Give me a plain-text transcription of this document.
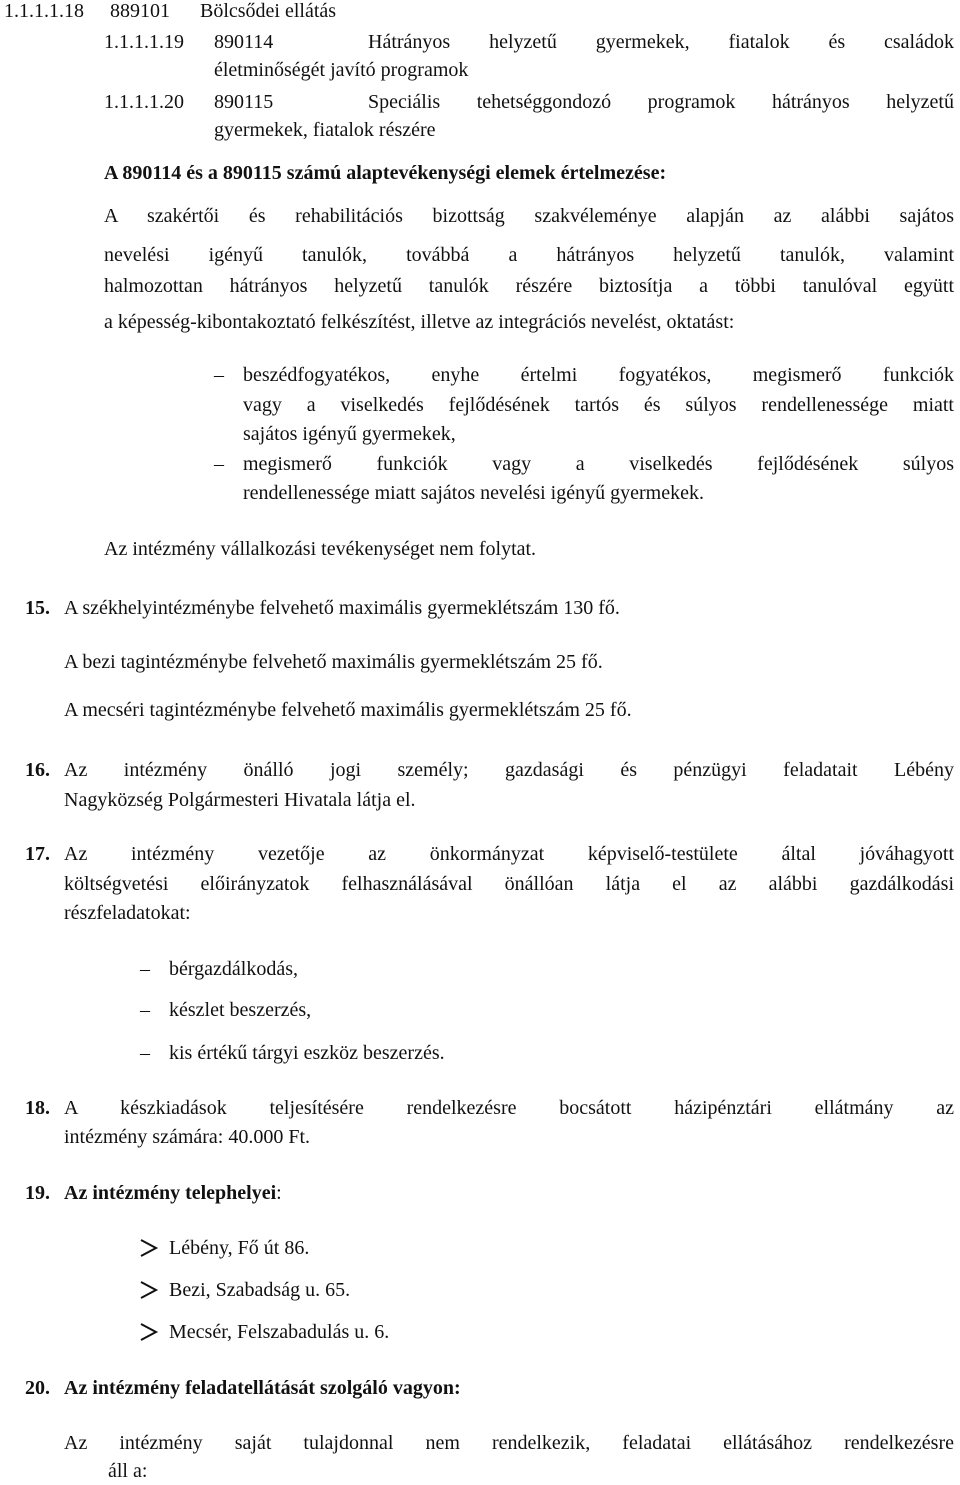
1.1.1.1.18 889101 Bölcsődei ellátás
1.1.1.1.19 890114	Hátrányos helyzetű gyermekek, fiatalok és családok
életminőségét javító programok
1.1.1.1.20 890115	Speciális tehetséggondozó programok hátrányos helyzetű
gyermekek, fiatalok részére
A 890114 és a 890115 számú alaptevékenységi elemek értelmezése:
A szakértői és rehabilitációs bizottság szakvéleménye alapján az alábbi sajátos
nevelési igényű tanulók, továbbá a hátrányos helyzetű tanulók, valamint
halmozottan hátrányos helyzetű tanulók részére biztosítja a többi tanulóval együtt
a képesség-kibontakoztató felkészítést, illetve az integrációs nevelést, oktatást:
– beszédfogyatékos, enyhe értelmi fogyatékos, megismerő funkciók
vagy a viselkedés fejlődésének tartós és súlyos rendellenessége miatt
sajátos igényű gyermekek,
– megismerő funkciók vagy a viselkedés fejlődésének súlyos
rendellenessége miatt sajátos nevelési igényű gyermekek.
Az intézmény vállalkozási tevékenységet nem folytat.
15. A székhelyintézménybe felvehető maximális gyermeklétszám 130 fő.
A bezi tagintézménybe felvehető maximális gyermeklétszám 25 fő.
A mecséri tagintézménybe felvehető maximális gyermeklétszám 25 fő.
16. Az intézmény önálló jogi személy; gazdasági és pénzügyi feladatait Lébény
Nagyközség Polgármesteri Hivatala látja el.
17. Az intézmény vezetője az önkormányzat képviselő-testülete által jóváhagyott
költségvetési előirányzatok felhasználásával önállóan látja el az alábbi gazdálkodási
részfeladatokat:
– bérgazdálkodás,
– készlet beszerzés,
– kis értékű tárgyi eszköz beszerzés.
18. A készkiadások teljesítésére rendelkezésre bocsátott házipénztári ellátmány az
intézmény számára: 40.000 Ft.
19. Az intézmény telephelyei:
Lébény, Fő út 86.
Bezi, Szabadság u. 65.
Mecsér, Felszabadulás u. 6.
20. Az intézmény feladatellátását szolgáló vagyon:
Az intézmény saját tulajdonnal nem rendelkezik, feladatai ellátásához rendelkezésre
áll a:
